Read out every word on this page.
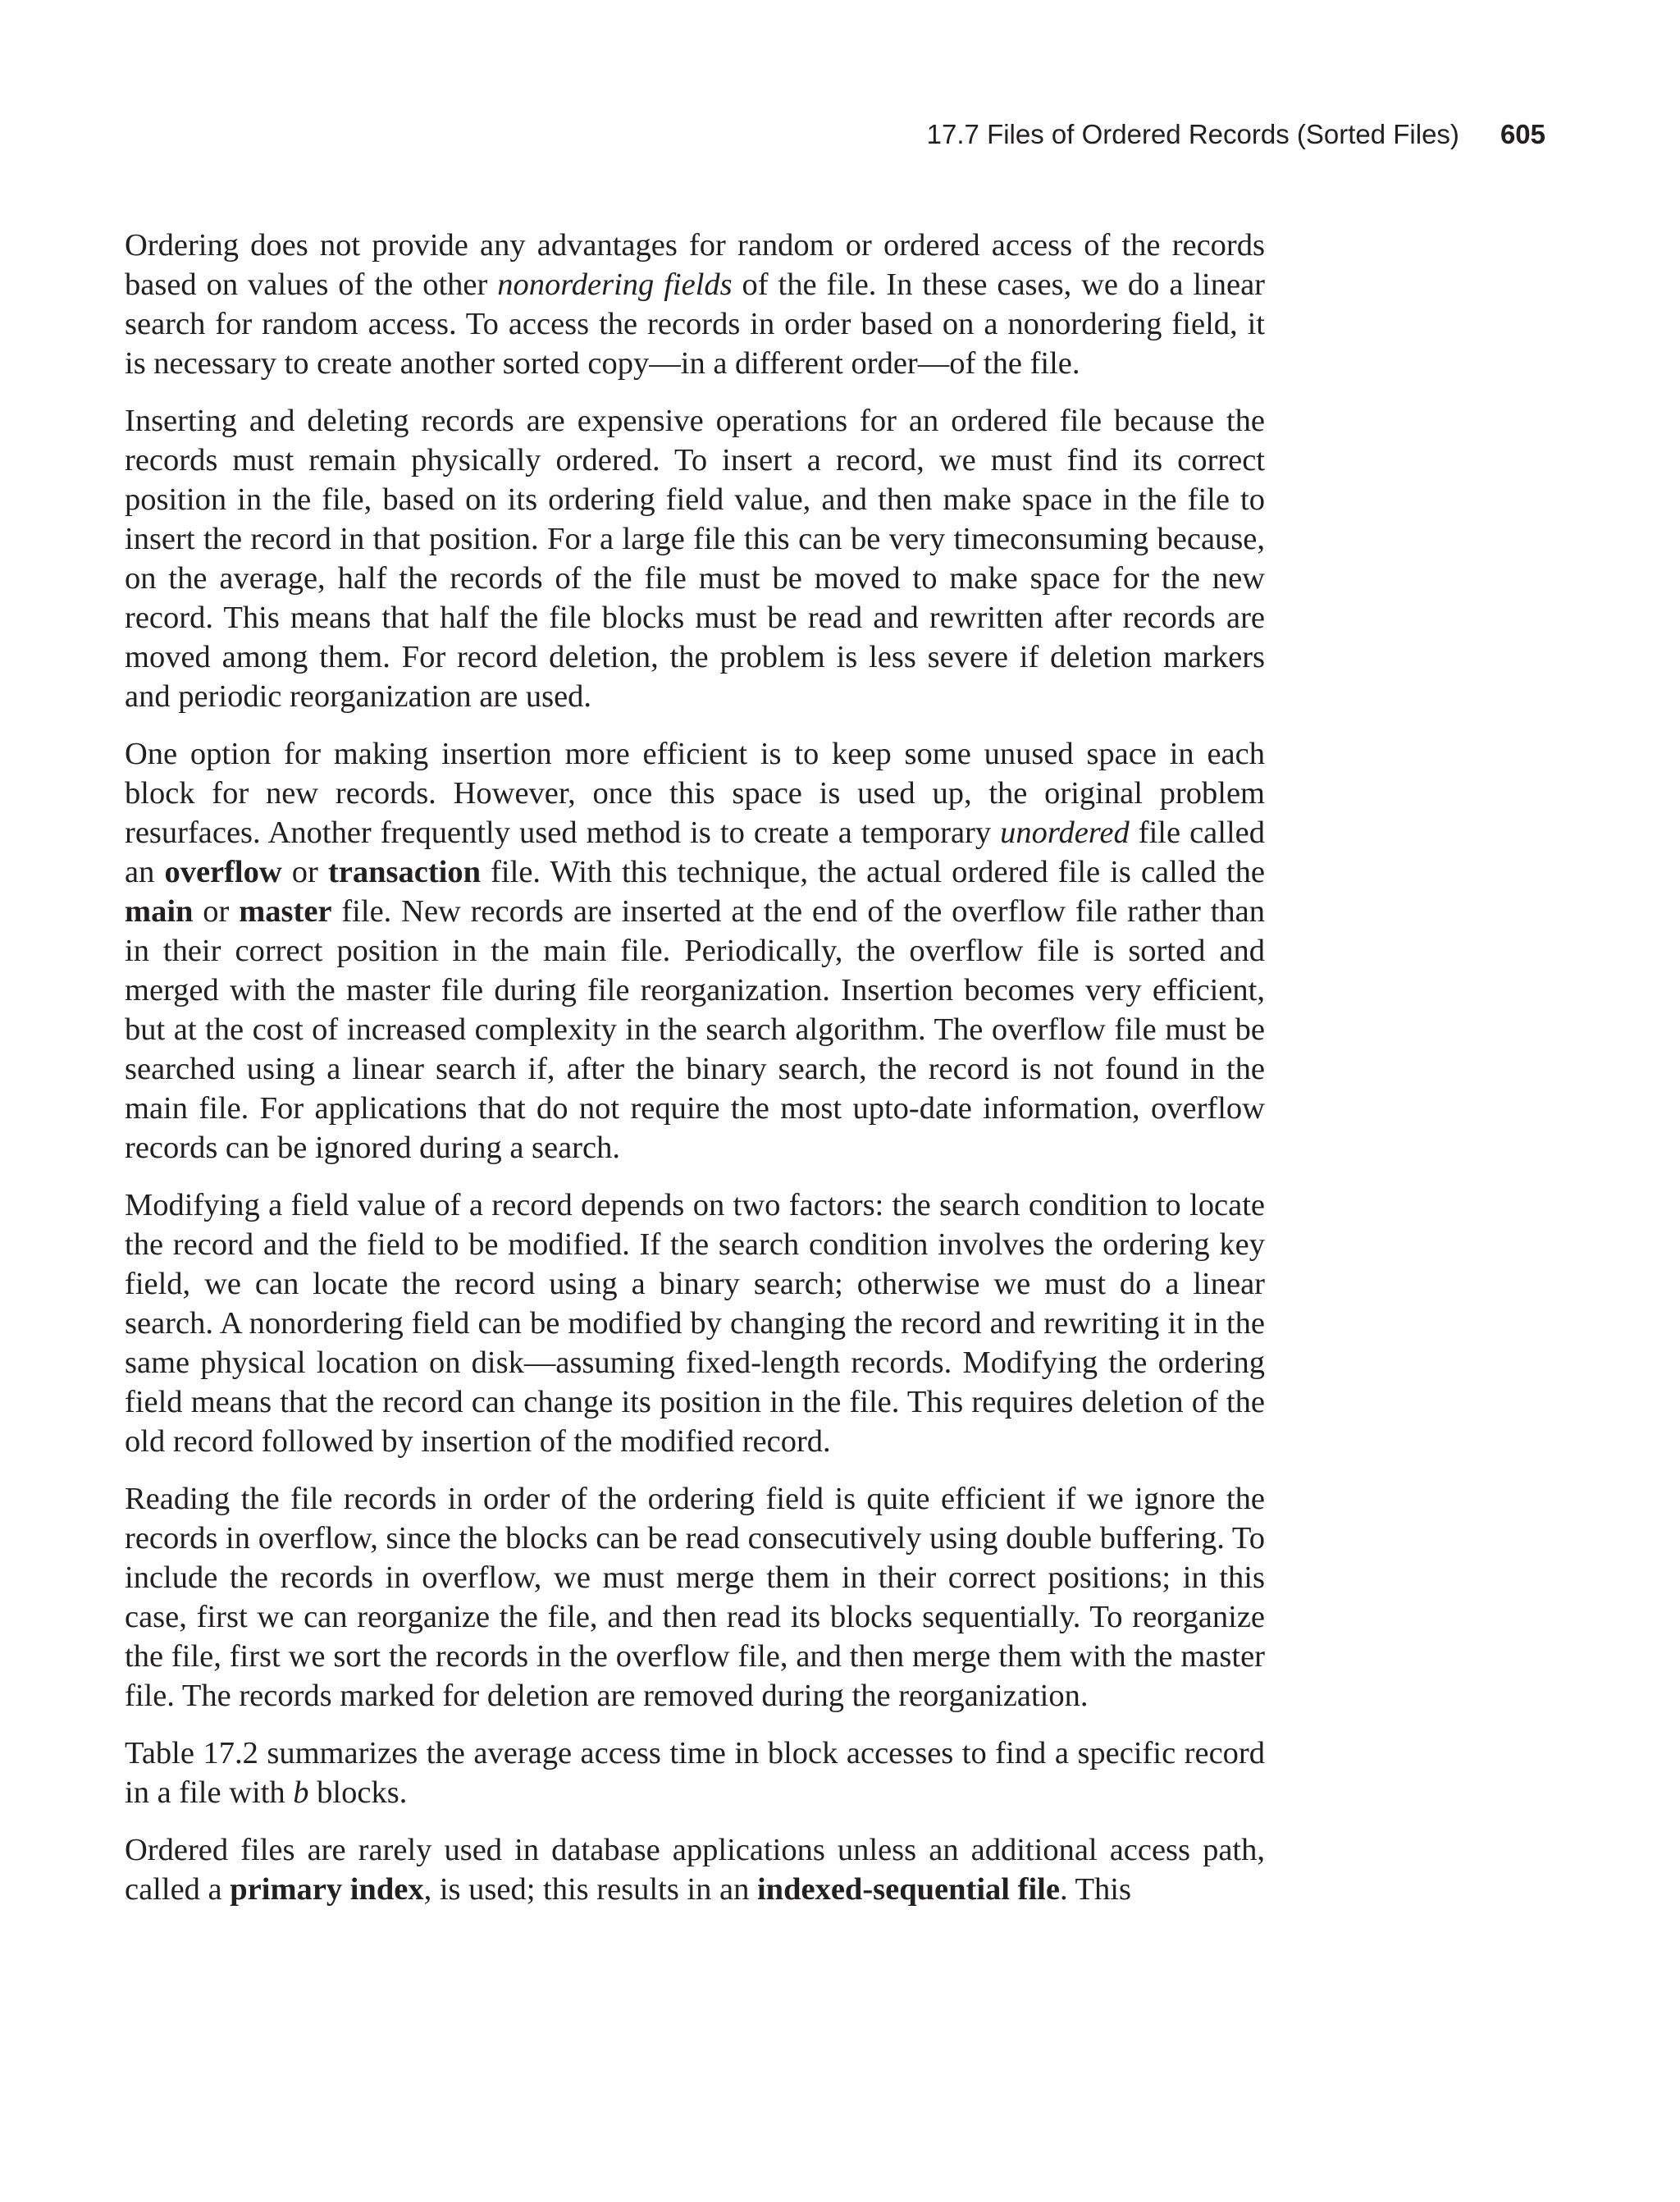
17.7 Files of Ordered Records (Sorted Files) 605

Ordering does not provide any advantages for random or ordered access of the records based on values of the other nonordering fields of the file. In these cases, we do a linear search for random access. To access the records in order based on a nonordering field, it is necessary to create another sorted copy—in a different order—of the file.

Inserting and deleting records are expensive operations for an ordered file because the records must remain physically ordered. To insert a record, we must find its correct position in the file, based on its ordering field value, and then make space in the file to insert the record in that position. For a large file this can be very timeconsuming because, on the average, half the records of the file must be moved to make space for the new record. This means that half the file blocks must be read and rewritten after records are moved among them. For record deletion, the problem is less severe if deletion markers and periodic reorganization are used.

One option for making insertion more efficient is to keep some unused space in each block for new records. However, once this space is used up, the original problem resurfaces. Another frequently used method is to create a temporary unordered file called an overflow or transaction file. With this technique, the actual ordered file is called the main or master file. New records are inserted at the end of the overflow file rather than in their correct position in the main file. Periodically, the overflow file is sorted and merged with the master file during file reorganization. Insertion becomes very efficient, but at the cost of increased complexity in the search algorithm. The overflow file must be searched using a linear search if, after the binary search, the record is not found in the main file. For applications that do not require the most upto-date information, overflow records can be ignored during a search.

Modifying a field value of a record depends on two factors: the search condition to locate the record and the field to be modified. If the search condition involves the ordering key field, we can locate the record using a binary search; otherwise we must do a linear search. A nonordering field can be modified by changing the record and rewriting it in the same physical location on disk—assuming fixed-length records. Modifying the ordering field means that the record can change its position in the file. This requires deletion of the old record followed by insertion of the modified record.

Reading the file records in order of the ordering field is quite efficient if we ignore the records in overflow, since the blocks can be read consecutively using double buffering. To include the records in overflow, we must merge them in their correct positions; in this case, first we can reorganize the file, and then read its blocks sequentially. To reorganize the file, first we sort the records in the overflow file, and then merge them with the master file. The records marked for deletion are removed during the reorganization.

Table 17.2 summarizes the average access time in block accesses to find a specific record in a file with b blocks.

Ordered files are rarely used in database applications unless an additional access path, called a primary index, is used; this results in an indexed-sequential file. This
